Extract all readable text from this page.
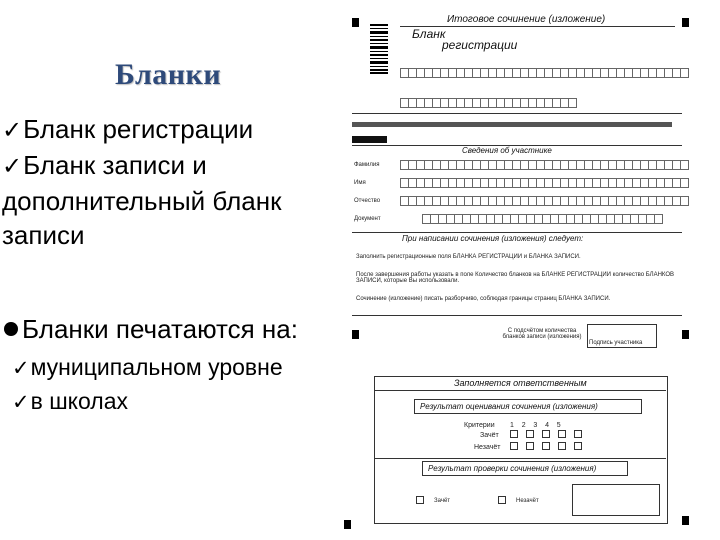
Бланки
✓Бланк регистрации
✓Бланк записи и
дополнительный бланк
записи
Бланки печатаются на:
✓муниципальном уровне
✓в школах
Итоговое сочинение (изложение)
Бланк
регистрации
Сведения об участнике
Фамилия
Имя
Отчество
Документ
При написании сочинения (изложения) следует:
Заполнить регистрационные поля БЛАНКА РЕГИСТРАЦИИ и БЛАНКА ЗАПИСИ.
После завершения работы указать в поле Количество бланков на БЛАНКЕ РЕГИСТРАЦИИ количество БЛАНКОВ ЗАПИСИ, которые Вы использовали.
Сочинение (изложение) писать разборчиво, соблюдая границы страниц БЛАНКА ЗАПИСИ.
С подсчётом количества бланков записи (изложения)
Подпись участника
Заполняется ответственным
Результат оценивания сочинения (изложения)
Критерии 1 2 3 4 5
Зачёт
Незачёт
Результат проверки сочинения (изложения)
Зачёт	Незачёт
